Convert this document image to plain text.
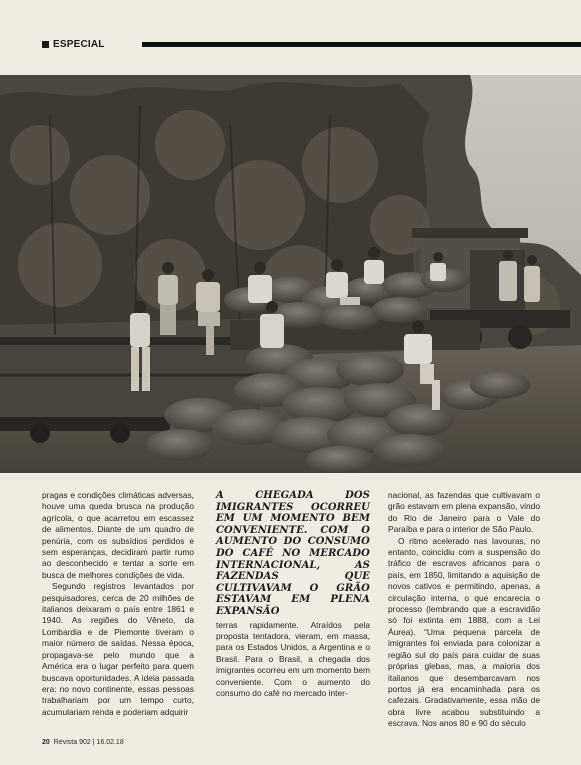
ESPECIAL

pragas e condições climáticas adversas, houve uma queda brusca na produção agrícola, o que acarretou em escassez de alimentos. Diante de um quadro de penúria, com os subsídios perdidos e sem esperanças, decidiram partir rumo ao desconhecido e tentar a sorte em busca de melhores condições de vida.

Segundo registros levantados por pesquisadores, cerca de 20 milhões de italianos deixaram o país entre 1861 e 1940. As regiões do Vêneto, da Lombardia e de Piemonte tiveram o maior número de saídas. Nessa época, propagava-se pelo mundo que a América era o lugar perfeito para quem buscava oportunidades. A ideia passada era: no novo continente, essas pessoas trabalhariam por um tempo curto, acumulariam renda e poderiam adquirir

A CHEGADA DOS IMIGRANTES OCORREU EM UM MOMENTO BEM CONVENIENTE. COM O AUMENTO DO CONSUMO DO CAFÉ NO MERCADO INTERNACIONAL, AS FAZENDAS QUE CULTIVAVAM O GRÃO ESTAVAM EM PLENA EXPANSÃO

terras rapidamente. Atraídos pela proposta tentadora, vieram, em massa, para os Estados Unidos, a Argentina e o Brasil. Para o Brasil, a chegada dos imigrantes ocorreu em um momento bem conveniente. Com o aumento do consumo do café no mercado inter-

nacional, as fazendas que cultivavam o grão estavam em plena expansão, vindo do Rio de Janeiro para o Vale do Paraíba e para o interior de São Paulo.

O ritmo acelerado nas lavouras, no entanto, coincidiu com a suspensão do tráfico de escravos africanos para o país, em 1850, limitando a aquisição de novos cativos e permitindo, apenas, a circulação interna, o que encarecia o processo (lembrando que a escravidão só foi extinta em 1888, com a Lei Áurea). “Uma pequena parcela de imigrantes foi enviada para colonizar a região sul do país para cuidar de suas próprias glebas, mas, a maioria dos italianos que desembarcavam nos portos já era encaminhada para os cafezais. Gradativamente, essa mão de obra livre acabou substituindo a escrava. Nos anos 80 e 90 do século

20 Revista 902 | 16.02.18
